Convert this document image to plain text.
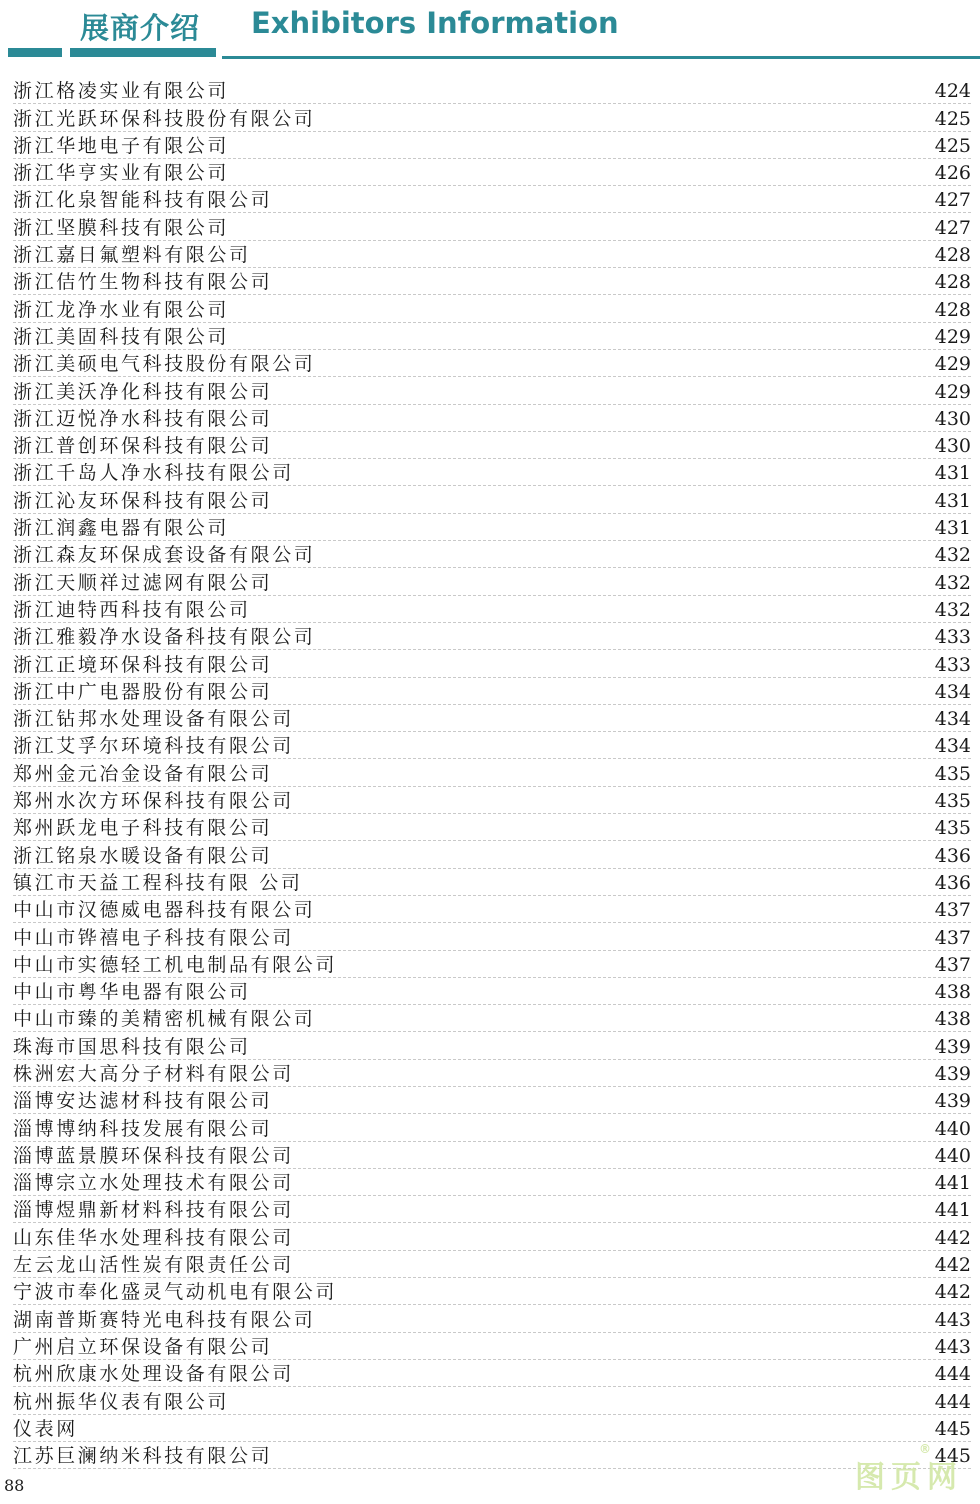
展商介绍 Exhibitors Information
浙江格凌实业有限公司	424
浙江光跃环保科技股份有限公司	425
浙江华地电子有限公司	425
浙江华亨实业有限公司	426
浙江化泉智能科技有限公司	427
浙江坚膜科技有限公司	427
浙江嘉日氟塑料有限公司	428
浙江佶竹生物科技有限公司	428
浙江龙净水业有限公司	428
浙江美固科技有限公司	429
浙江美硕电气科技股份有限公司	429
浙江美沃净化科技有限公司	429
浙江迈悦净水科技有限公司	430
浙江普创环保科技有限公司	430
浙江千岛人净水科技有限公司	431
浙江沁友环保科技有限公司	431
浙江润鑫电器有限公司	431
浙江森友环保成套设备有限公司	432
浙江天顺祥过滤网有限公司	432
浙江迪特西科技有限公司	432
浙江雅毅净水设备科技有限公司	433
浙江正境环保科技有限公司	433
浙江中广电器股份有限公司	434
浙江钻邦水处理设备有限公司	434
浙江艾孚尔环境科技有限公司	434
郑州金元冶金设备有限公司	435
郑州水次方环保科技有限公司	435
郑州跃龙电子科技有限公司	435
浙江铭泉水暖设备有限公司	436
镇江市天益工程科技有限 公司	436
中山市汉德威电器科技有限公司	437
中山市铧禧电子科技有限公司	437
中山市实德轻工机电制品有限公司	437
中山市粤华电器有限公司	438
中山市臻的美精密机械有限公司	438
珠海市国思科技有限公司	439
株洲宏大高分子材料有限公司	439
淄博安达滤材科技有限公司	439
淄博博纳科技发展有限公司	440
淄博蓝景膜环保科技有限公司	440
淄博宗立水处理技术有限公司	441
淄博煜鼎新材料科技有限公司	441
山东佳华水处理科技有限公司	442
左云龙山活性炭有限责任公司	442
宁波市奉化盛灵气动机电有限公司	442
湖南普斯赛特光电科技有限公司	443
广州启立环保设备有限公司	443
杭州欣康水处理设备有限公司	444
杭州振华仪表有限公司	444
仪表网	445
江苏巨澜纳米科技有限公司	445
88	图页网
®
